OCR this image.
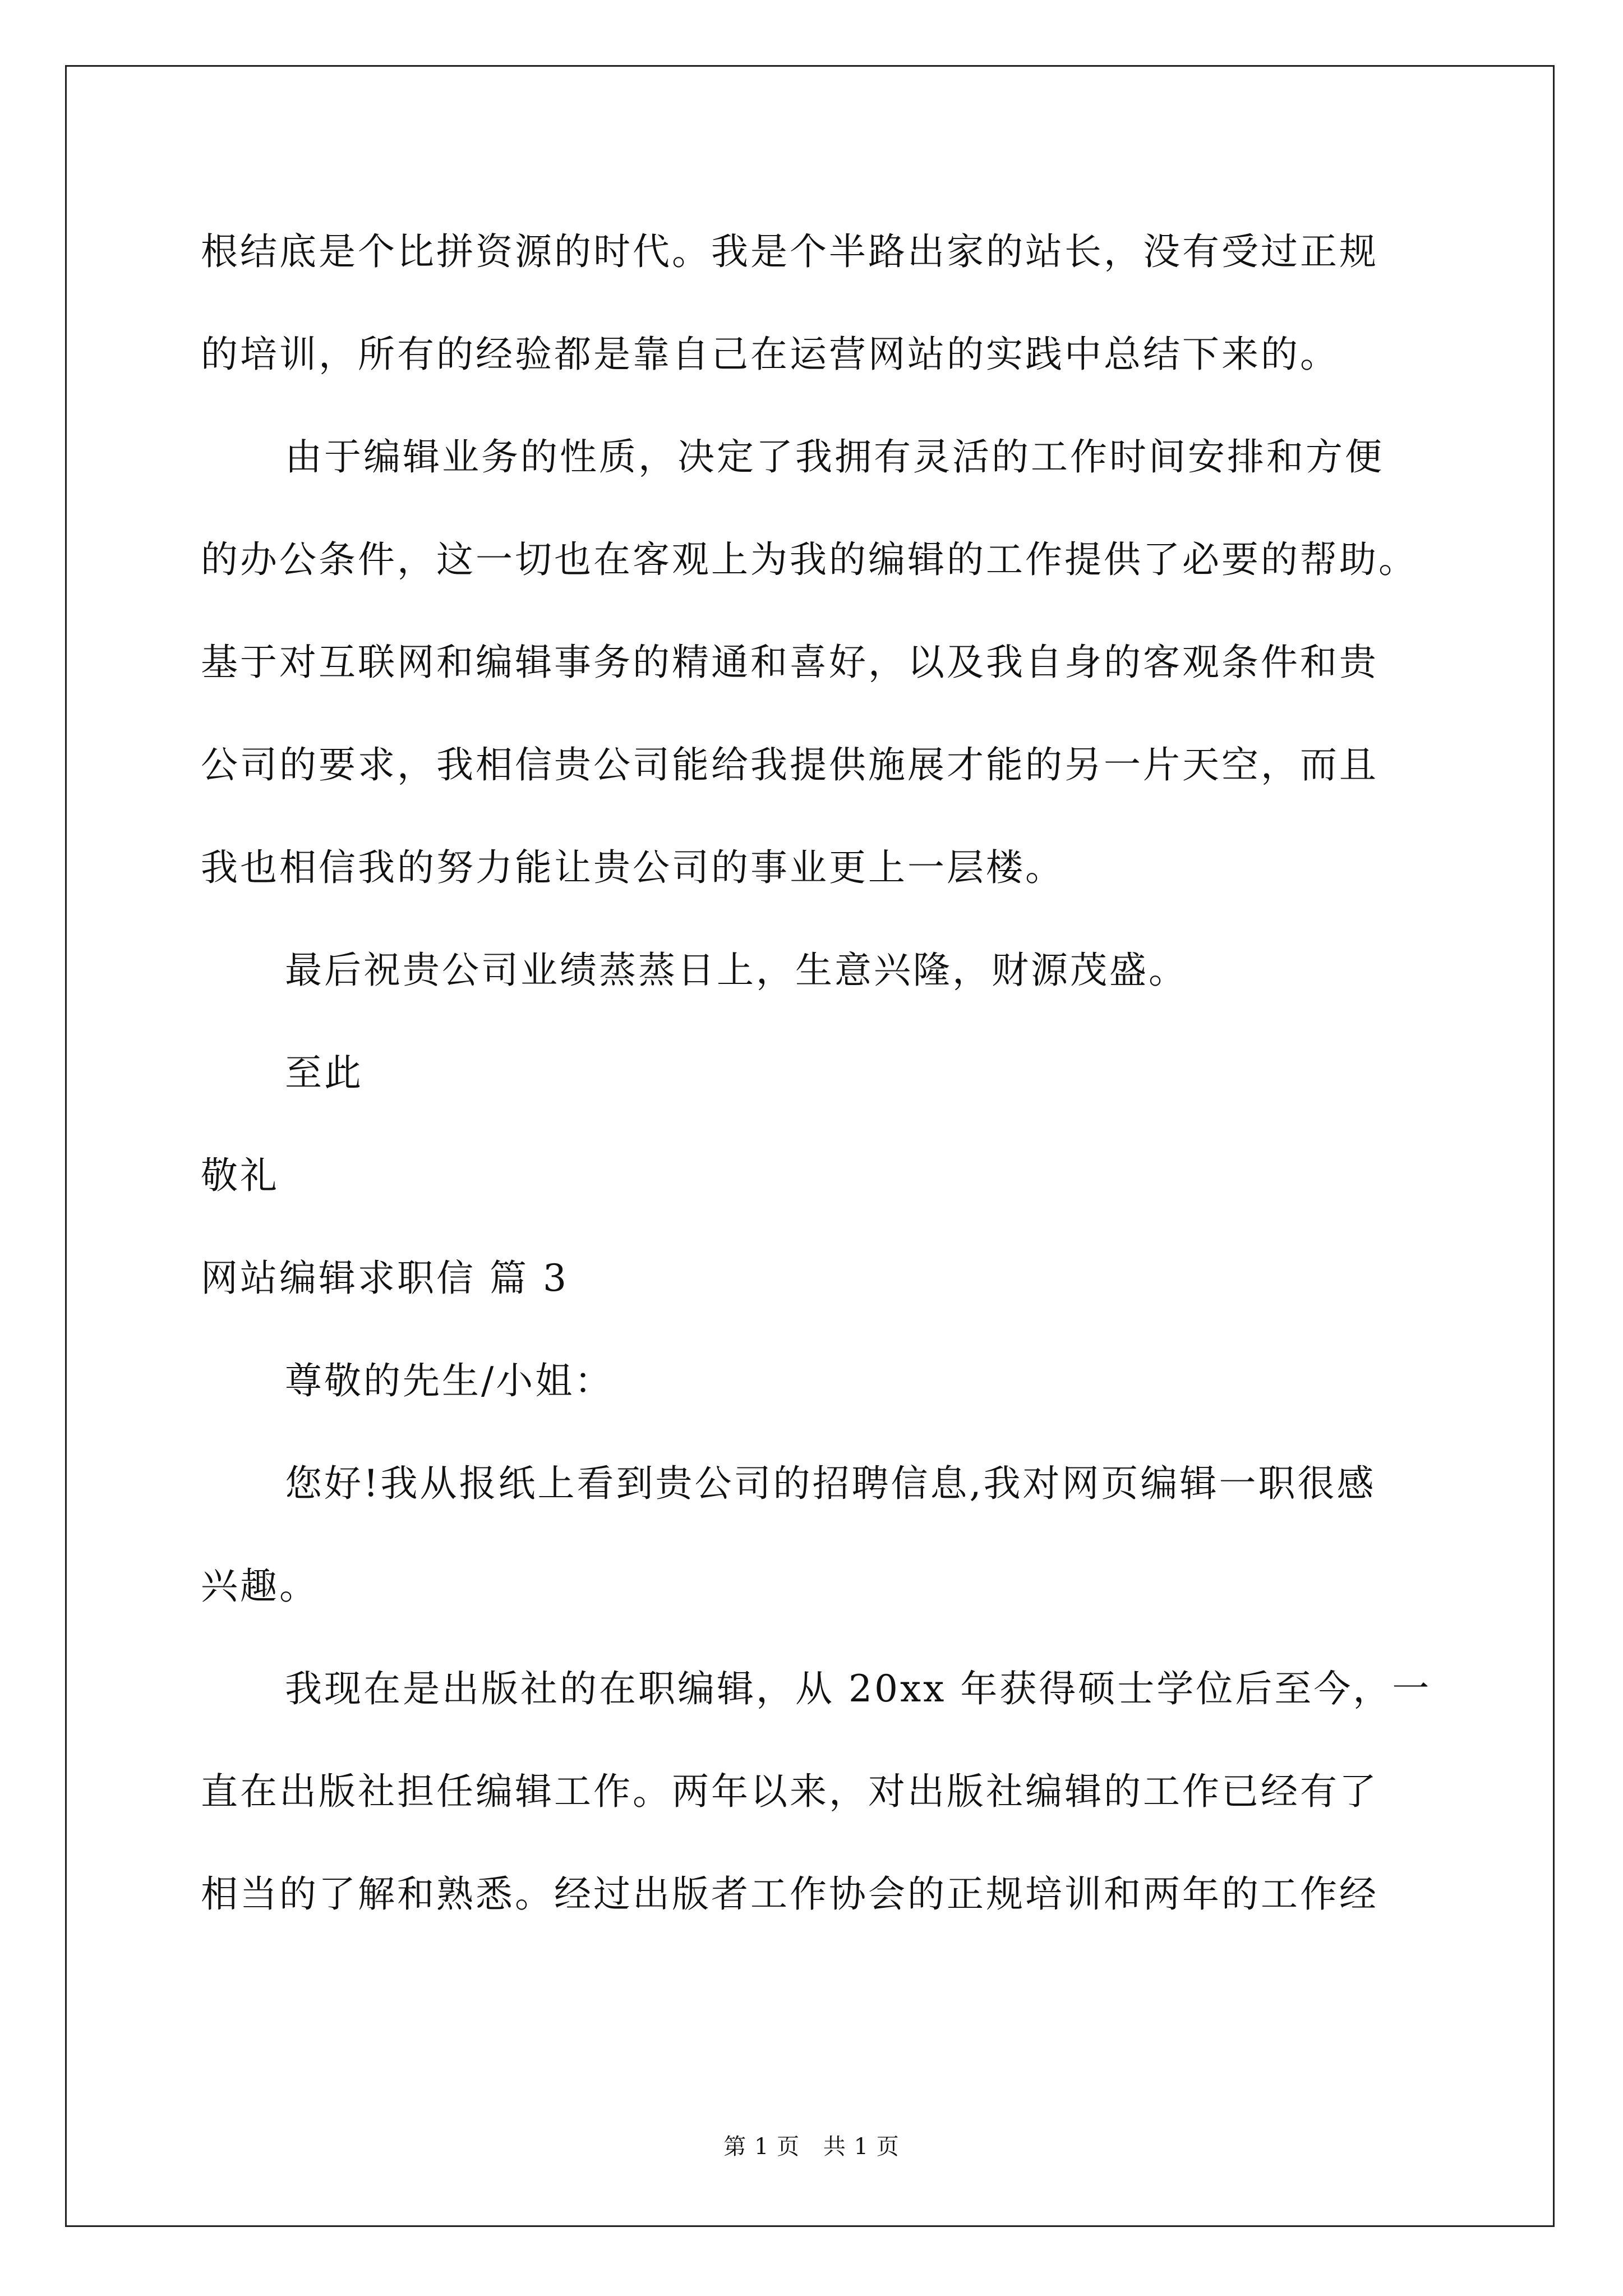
根结底是个比拼资源的时代。我是个半路出家的站长，没有受过正规
的培训，所有的经验都是靠自己在运营网站的实践中总结下来的。
由于编辑业务的性质，决定了我拥有灵活的工作时间安排和方便
的办公条件，这一切也在客观上为我的编辑的工作提供了必要的帮助。
基于对互联网和编辑事务的精通和喜好，以及我自身的客观条件和贵
公司的要求，我相信贵公司能给我提供施展才能的另一片天空，而且
我也相信我的努力能让贵公司的事业更上一层楼。
最后祝贵公司业绩蒸蒸日上，生意兴隆，财源茂盛。
至此
敬礼
网站编辑求职信 篇 3
尊敬的先生/小姐：
您好!我从报纸上看到贵公司的招聘信息,我对网页编辑一职很感
兴趣。
我现在是出版社的在职编辑，从 20xx 年获得硕士学位后至今，一
直在出版社担任编辑工作。两年以来，对出版社编辑的工作已经有了
相当的了解和熟悉。经过出版者工作协会的正规培训和两年的工作经
第 1 页 共 1 页
